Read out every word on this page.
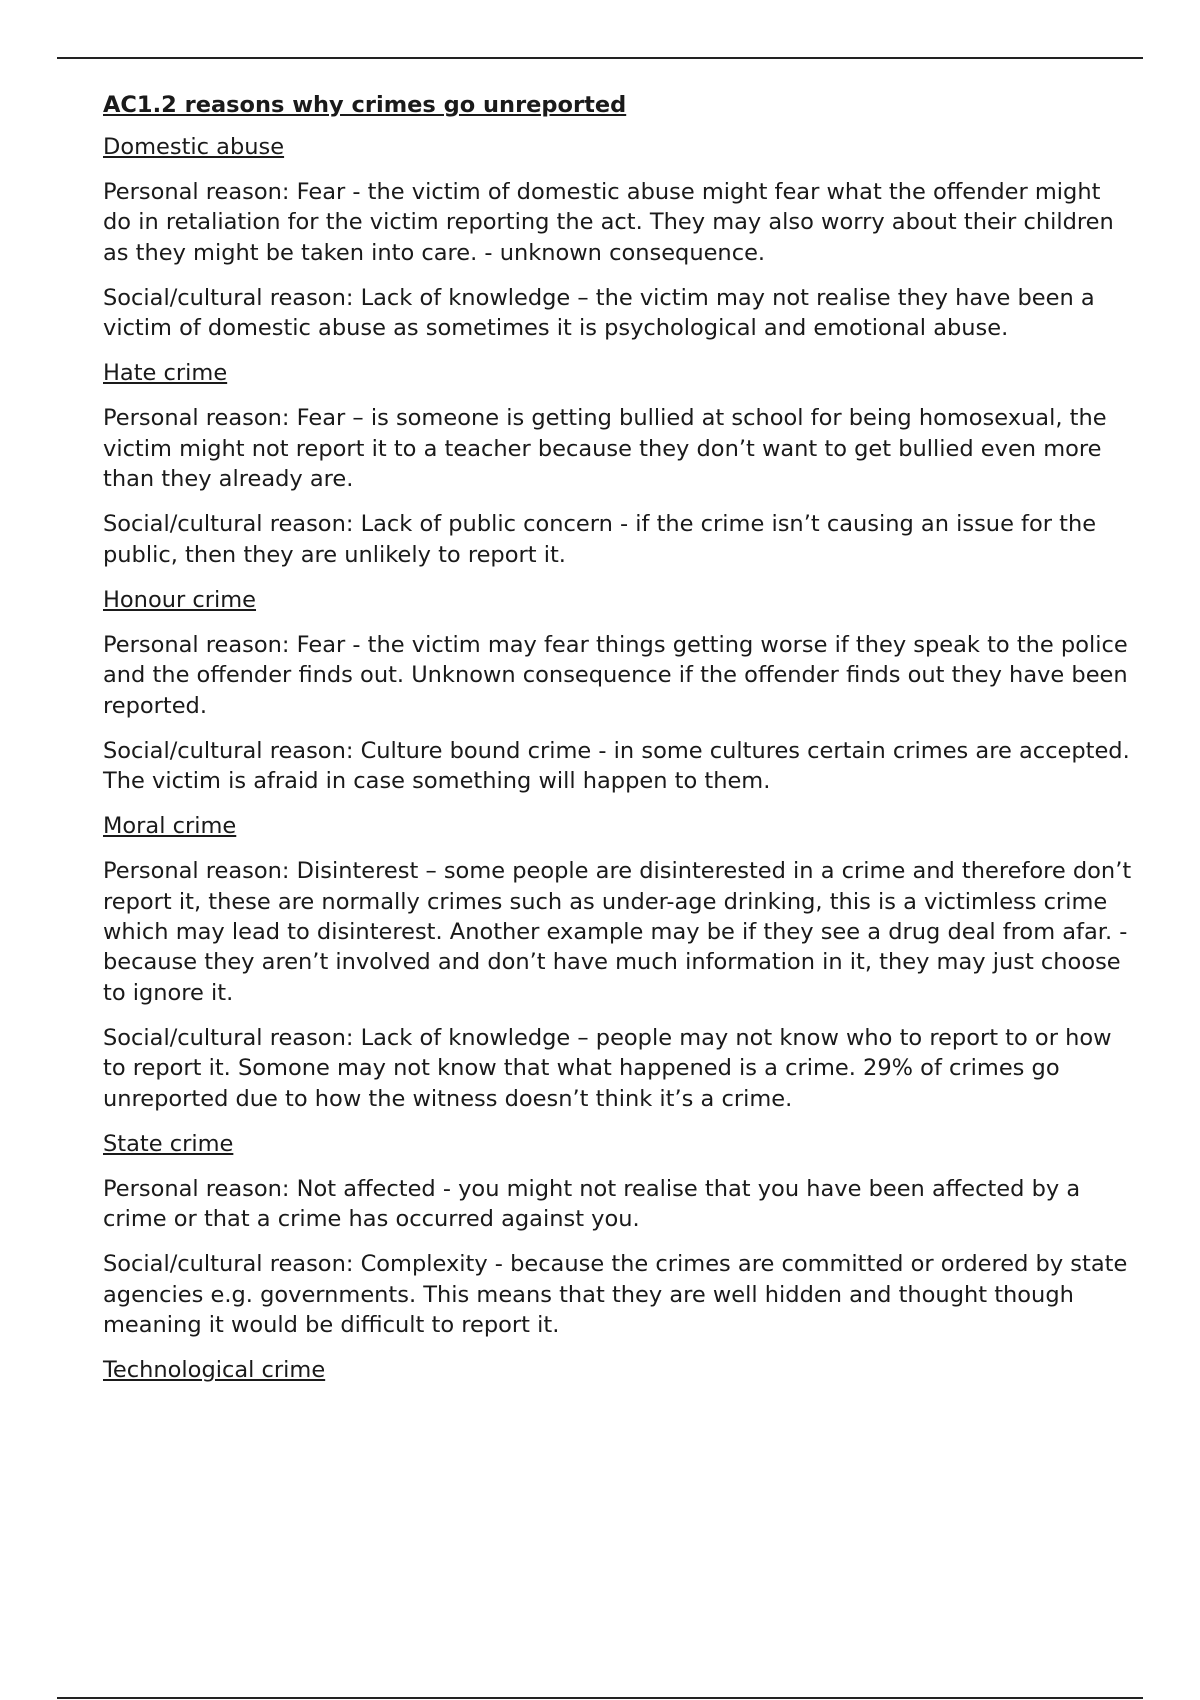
AC1.2 reasons why crimes go unreported
Domestic abuse

Personal reason: Fear - the victim of domestic abuse might fear what the offender might do in retaliation for the victim reporting the act. They may also worry about their children as they might be taken into care. - unknown consequence.

Social/cultural reason: Lack of knowledge – the victim may not realise they have been a victim of domestic abuse as sometimes it is psychological and emotional abuse.

Hate crime

Personal reason: Fear – is someone is getting bullied at school for being homosexual, the victim might not report it to a teacher because they don’t want to get bullied even more than they already are.

Social/cultural reason: Lack of public concern - if the crime isn’t causing an issue for the public, then they are unlikely to report it.

Honour crime

Personal reason: Fear - the victim may fear things getting worse if they speak to the police and the offender finds out. Unknown consequence if the offender finds out they have been reported.

Social/cultural reason: Culture bound crime - in some cultures certain crimes are accepted. The victim is afraid in case something will happen to them.

Moral crime

Personal reason: Disinterest – some people are disinterested in a crime and therefore don’t report it, these are normally crimes such as under-age drinking, this is a victimless crime which may lead to disinterest. Another example may be if they see a drug deal from afar. - because they aren’t involved and don’t have much information in it, they may just choose to ignore it.

Social/cultural reason: Lack of knowledge – people may not know who to report to or how to report it. Somone may not know that what happened is a crime. 29% of crimes go unreported due to how the witness doesn’t think it’s a crime.

State crime

Personal reason: Not affected - you might not realise that you have been affected by a crime or that a crime has occurred against you.

Social/cultural reason: Complexity - because the crimes are committed or ordered by state agencies e.g. governments. This means that they are well hidden and thought though meaning it would be difficult to report it.

Technological crime
